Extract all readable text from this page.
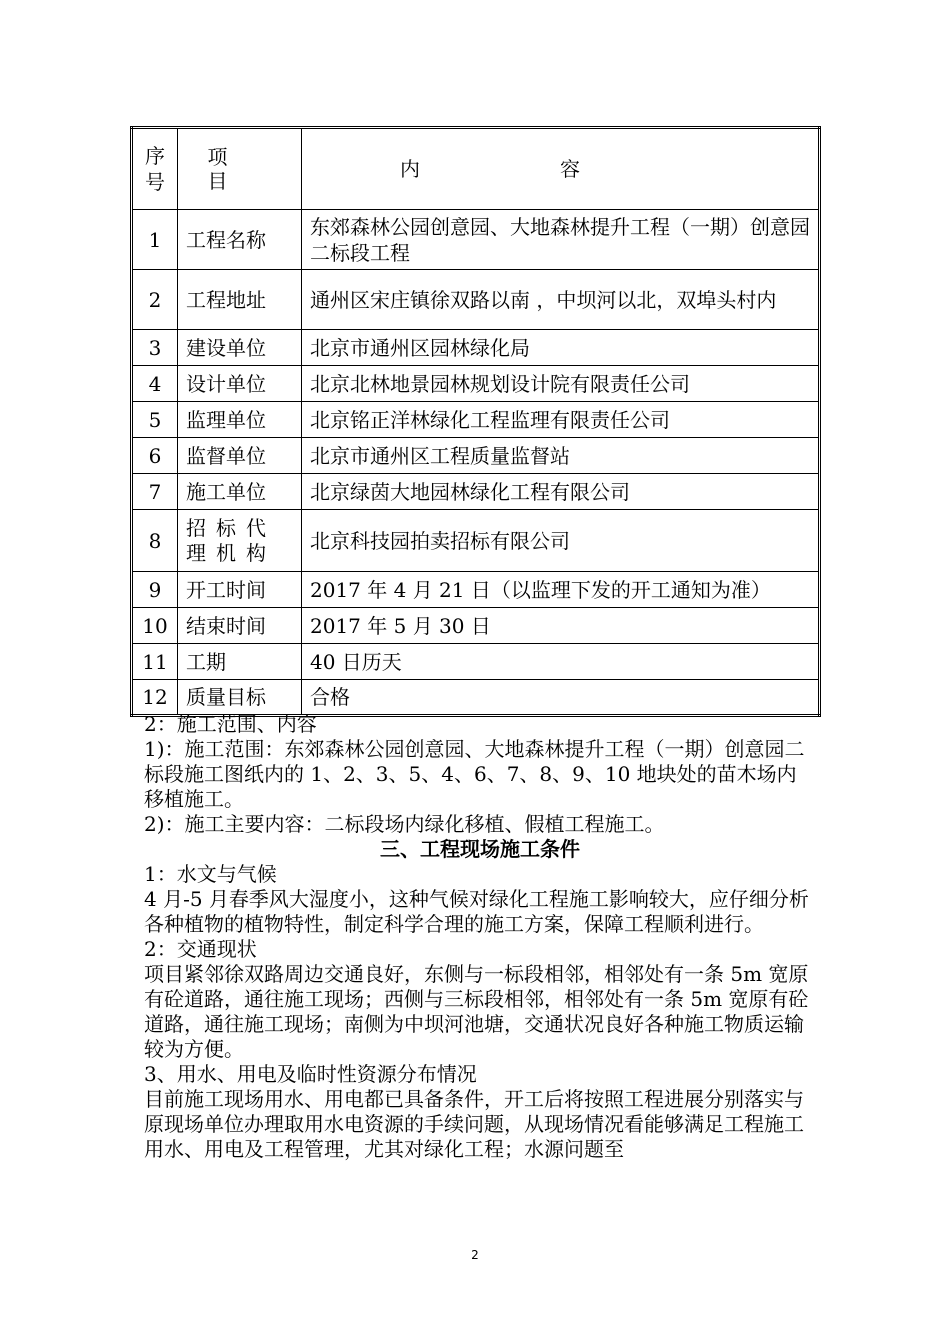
序
号	项目	内容
1	工程名称	东郊森林公园创意园、大地森林提升工程（一期）创意园二标段工程
2	工程地址	通州区宋庄镇徐双路以南 ，中坝河以北，双埠头村内
3	建设单位	北京市通州区园林绿化局
4	设计单位	北京北林地景园林规划设计院有限责任公司
5	监理单位	北京铭正洋林绿化工程监理有限责任公司
6	监督单位	北京市通州区工程质量监督站
7	施工单位	北京绿茵大地园林绿化工程有限公司
8	招标代理机构	北京科技园拍卖招标有限公司
9	开工时间	2017 年 4 月 21 日（以监理下发的开工通知为准）
10	结束时间	2017 年 5 月 30 日
11	工期	40 日历天
12	质量目标	合格

2：施工范围、内容

1)：施工范围：东郊森林公园创意园、大地森林提升工程（一期）创意园二标段施工图纸内的 1、2、3、5、4、6、7、8、9、10 地块处的苗木场内移植施工。

2)：施工主要内容：二标段场内绿化移植、假植工程施工。

三、工程现场施工条件

1：水文与气候

4 月-5 月春季风大湿度小，这种气候对绿化工程施工影响较大，应仔细分析各种植物的植物特性，制定科学合理的施工方案，保障工程顺利进行。

2：交通现状

项目紧邻徐双路周边交通良好，东侧与一标段相邻，相邻处有一条 5m 宽原有砼道路，通往施工现场；西侧与三标段相邻，相邻处有一条 5m 宽原有砼道路，通往施工现场；南侧为中坝河池塘，交通状况良好各种施工物质运输较为方便。

3、用水、用电及临时性资源分布情况

目前施工现场用水、用电都已具备条件，开工后将按照工程进展分别落实与原现场单位办理取用水电资源的手续问题，从现场情况看能够满足工程施工用水、用电及工程管理，尤其对绿化工程；水源问题至

2
